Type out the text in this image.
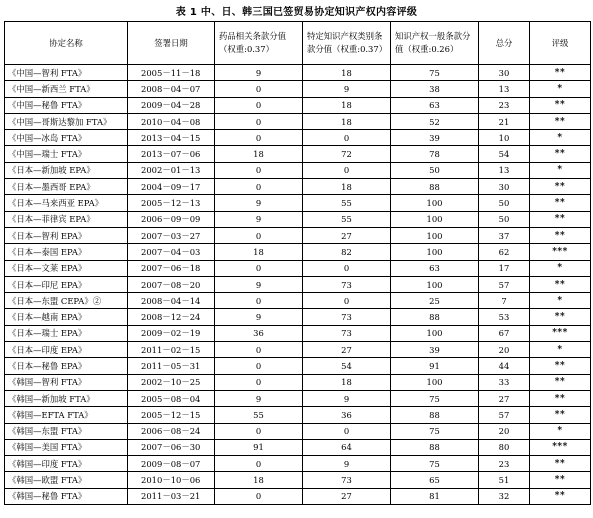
表 1 中、日、韩三国已签贸易协定知识产权内容评级
协定名称	签署日期	药品相关条款分值（权重:0.37）	特定知识产权类别条款分值（权重:0.37）	知识产权一般条款分值（权重:0.26）	总分	评级
《中国—智利 FTA》	2005－11－18	9	18	75	30	**
《中国—新西兰 FTA》	2008－04－07	0	9	38	13	*
《中国—秘鲁 FTA》	2009－04－28	0	18	63	23	**
《中国—哥斯达黎加 FTA》	2010－04－08	0	18	52	21	**
《中国—冰岛 FTA》	2013－04－15	0	0	39	10	*
《中国—瑞士 FTA》	2013－07－06	18	72	78	54	**
《日本—新加坡 EPA》	2002－01－13	0	0	50	13	*
《日本—墨西哥 EPA》	2004－09－17	0	18	88	30	**
《日本—马来西亚 EPA》	2005－12－13	9	55	100	50	**
《日本—菲律宾 EPA》	2006－09－09	9	55	100	50	**
《日本—智利 EPA》	2007－03－27	0	27	100	37	**
《日本—泰国 EPA》	2007－04－03	18	82	100	62	***
《日本—文莱 EPA》	2007－06－18	0	0	63	17	*
《日本—印尼 EPA》	2007－08－20	9	73	100	57	**
《日本—东盟 CEPA》②	2008－04－14	0	0	25	7	*
《日本—越南 EPA》	2008－12－24	9	73	88	53	**
《日本—瑞士 EPA》	2009－02－19	36	73	100	67	***
《日本—印度 EPA》	2011－02－15	0	27	39	20	*
《日本—秘鲁 EPA》	2011－05－31	0	54	91	44	**
《韩国—智利 FTA》	2002－10－25	0	18	100	33	**
《韩国—新加坡 FTA》	2005－08－04	9	9	75	27	**
《韩国—EFTA FTA》	2005－12－15	55	36	88	57	**
《韩国—东盟 FTA》	2006－08－24	0	0	75	20	*
《韩国—美国 FTA》	2007－06－30	91	64	88	80	***
《韩国—印度 FTA》	2009－08－07	0	9	75	23	**
《韩国—欧盟 FTA》	2010－10－06	18	73	65	51	**
《韩国—秘鲁 FTA》	2011－03－21	0	27	81	32	**
